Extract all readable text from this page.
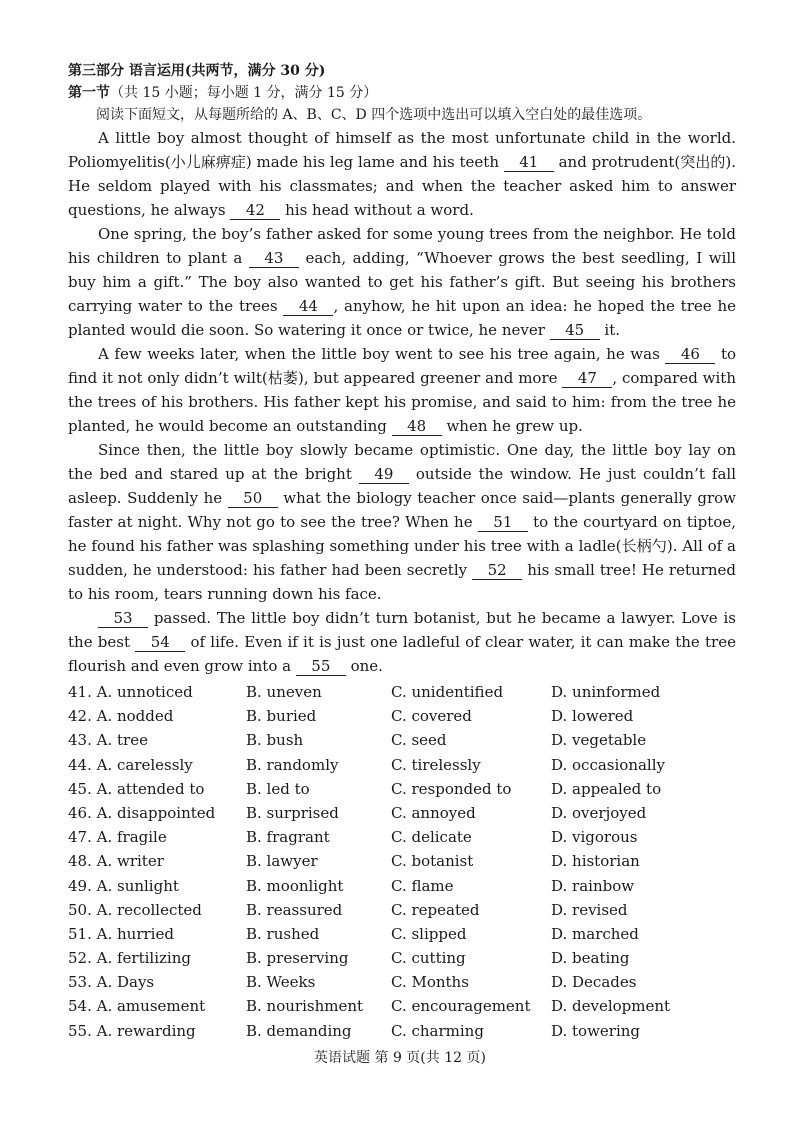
第三部分 语言运用(共两节，满分 30 分)
第一节（共 15 小题；每小题 1 分，满分 15 分）
阅读下面短文，从每题所给的 A、B、C、D 四个选项中选出可以填入空白处的最佳选项。

A little boy almost thought of himself as the most unfortunate child in the world. Poliomyelitis(小儿麻痹症) made his leg lame and his teeth 41 and protrudent(突出的). He seldom played with his classmates; and when the teacher asked him to answer questions, he always 42 his head without a word.

One spring, the boy’s father asked for some young trees from the neighbor. He told his children to plant a 43 each, adding, “Whoever grows the best seedling, I will buy him a gift.” The boy also wanted to get his father’s gift. But seeing his brothers carrying water to the trees 44 , anyhow, he hit upon an idea: he hoped the tree he planted would die soon. So watering it once or twice, he never 45 it.

A few weeks later, when the little boy went to see his tree again, he was 46 to find it not only didn’t wilt(枯萎), but appeared greener and more 47 , compared with the trees of his brothers. His father kept his promise, and said to him: from the tree he planted, he would become an outstanding 48 when he grew up.

Since then, the little boy slowly became optimistic. One day, the little boy lay on the bed and stared up at the bright 49 outside the window. He just couldn’t fall asleep. Suddenly he 50 what the biology teacher once said—plants generally grow faster at night. Why not go to see the tree? When he 51 to the courtyard on tiptoe, he found his father was splashing something under his tree with a ladle(长柄勺). All of a sudden, he understood: his father had been secretly 52 his small tree! He returned to his room, tears running down his face.

53 passed. The little boy didn’t turn botanist, but he became a lawyer. Love is the best 54 of life. Even if it is just one ladleful of clear water, it can make the tree flourish and even grow into a 55 one.

41. A. unnoticed	B. uneven	C. unidentified	D. uninformed
42. A. nodded	B. buried	C. covered	D. lowered
43. A. tree	B. bush	C. seed	D. vegetable
44. A. carelessly	B. randomly	C. tirelessly	D. occasionally
45. A. attended to	B. led to	C. responded to	D. appealed to
46. A. disappointed	B. surprised	C. annoyed	D. overjoyed
47. A. fragile	B. fragrant	C. delicate	D. vigorous
48. A. writer	B. lawyer	C. botanist	D. historian
49. A. sunlight	B. moonlight	C. flame	D. rainbow
50. A. recollected	B. reassured	C. repeated	D. revised
51. A. hurried	B. rushed	C. slipped	D. marched
52. A. fertilizing	B. preserving	C. cutting	D. beating
53. A. Days	B. Weeks	C. Months	D. Decades
54. A. amusement	B. nourishment	C. encouragement	D. development
55. A. rewarding	B. demanding	C. charming	D. towering
英语试题 第 9 页(共 12 页)
